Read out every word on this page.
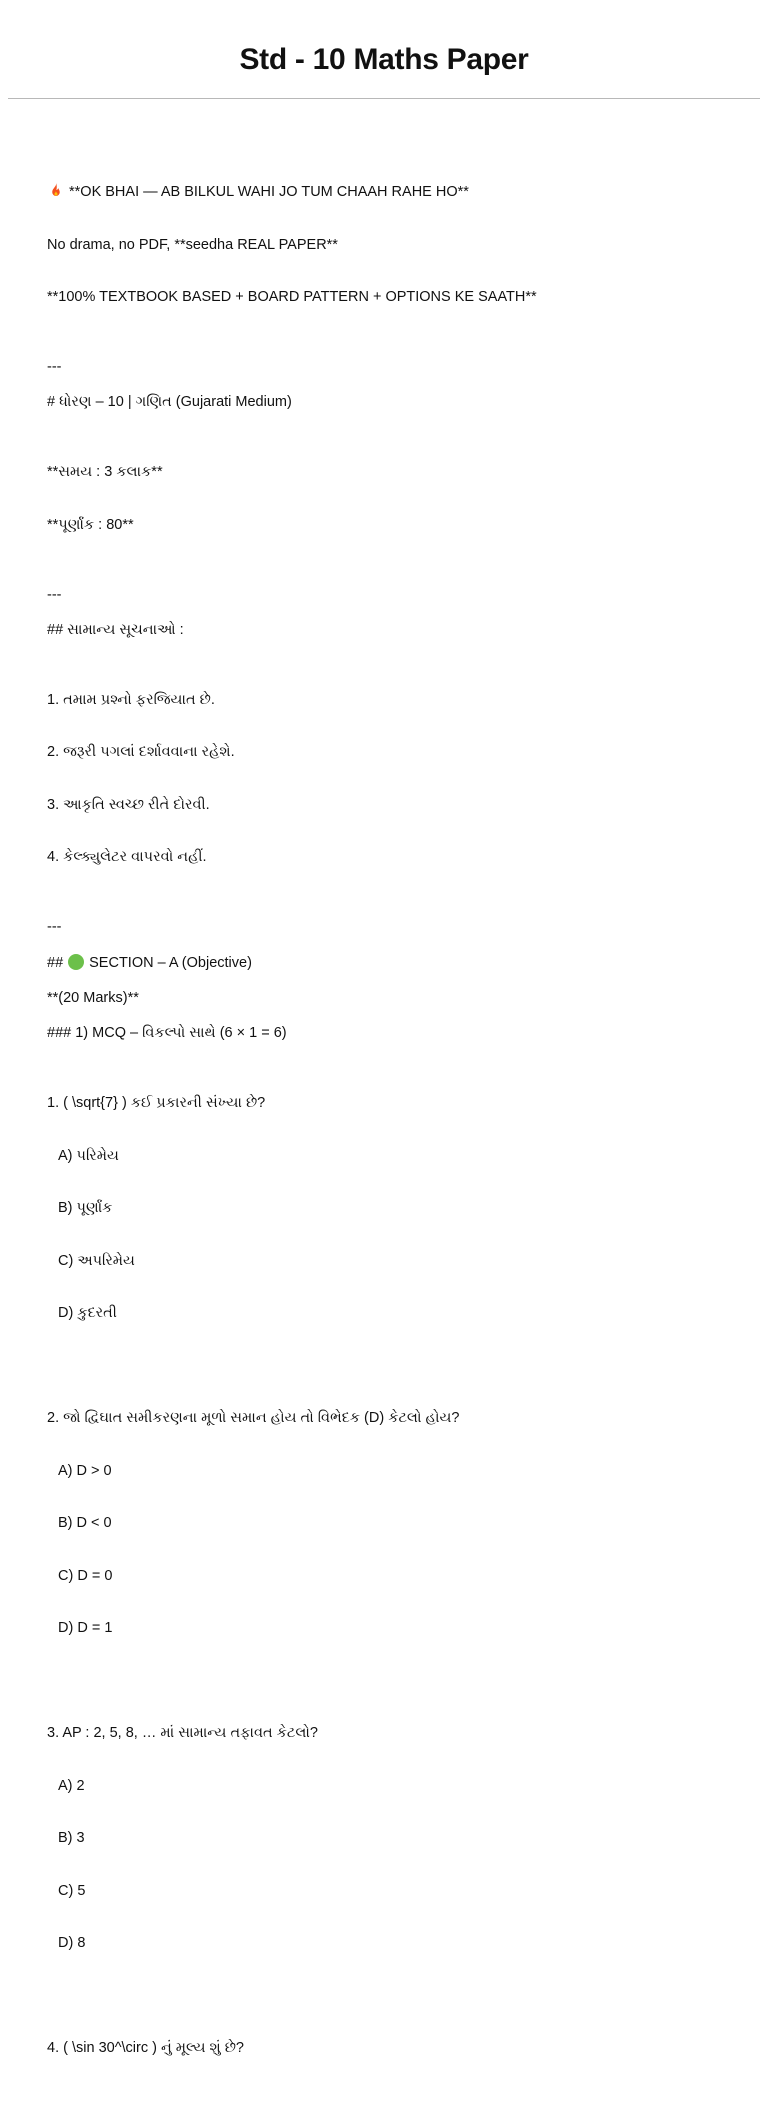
Std - 10 Maths Paper

**OK BHAI — AB BILKUL WAHI JO TUM CHAAH RAHE HO**

No drama, no PDF, **seedha REAL PAPER**

**100% TEXTBOOK BASED + BOARD PATTERN + OPTIONS KE SAATH**

---
# ધોરણ – 10 | ગણિત (Gujarati Medium)

**સમય : 3 કલાક**

**પૂર્ણાંક : 80**

---
## સામાન્ય સૂચનાઓ :

1. તમામ પ્રશ્નો ફરજિયાત છે.

2. જરૂરી પગલાં દર્શાવવાના રહેશે.

3. આકૃતિ સ્વચ્છ રીતે દોરવી.

4. કેલ્ક્યુલેટર વાપરવો નહીં.

---
## SECTION – A (Objective)
**(20 Marks)**
### 1) MCQ – વિકલ્પો સાથે (6 × 1 = 6)

1. ( \sqrt{7} ) કઈ પ્રકારની સંખ્યા છે?

A) પરિમેય

B) પૂર્ણાંક

C) અપરિમેય

D) કુદરતી

2. જો દ્વિઘાત સમીકરણના મૂળો સમાન હોય તો વિભેદક (D) કેટલો હોય?

A) D > 0

B) D < 0

C) D = 0

D) D = 1

3. AP : 2, 5, 8, … માં સામાન્ય તફાવત કેટલો?

A) 2

B) 3

C) 5

D) 8

4. ( \sin 30^\circ ) નું મૂલ્ય શું છે?
